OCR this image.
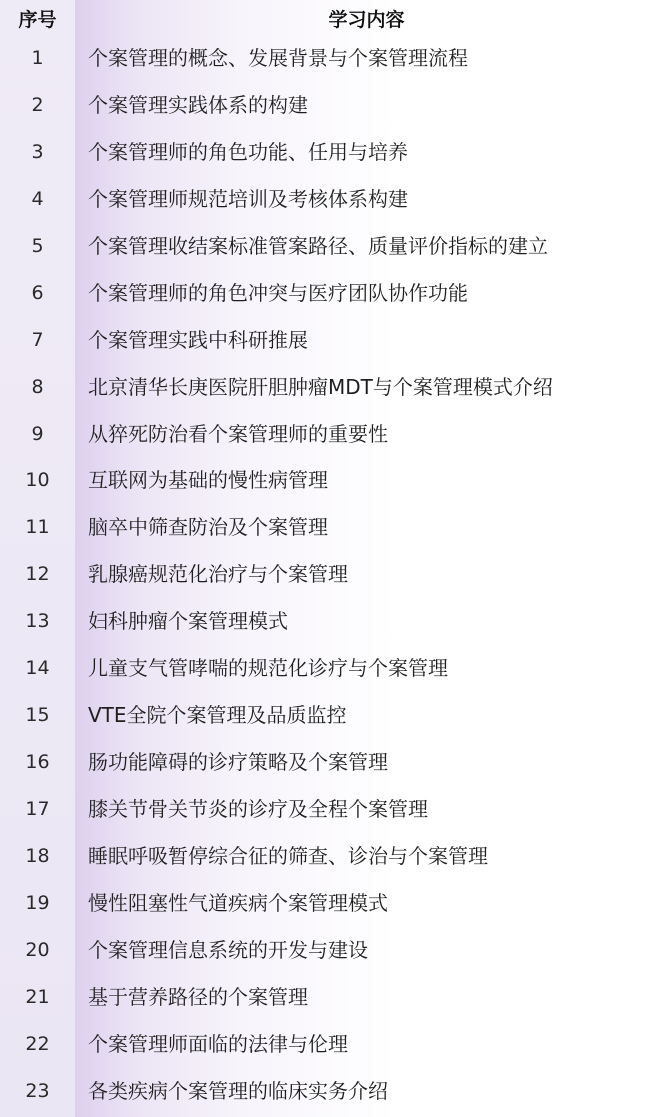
序号	学习内容
1	个案管理的概念、发展背景与个案管理流程
2	个案管理实践体系的构建
3	个案管理师的角色功能、任用与培养
4	个案管理师规范培训及考核体系构建
5	个案管理收结案标准管案路径、质量评价指标的建立
6	个案管理师的角色冲突与医疗团队协作功能
7	个案管理实践中科研推展
8	北京清华长庚医院肝胆肿瘤MDT与个案管理模式介绍
9	从猝死防治看个案管理师的重要性
10	互联网为基础的慢性病管理
11	脑卒中筛查防治及个案管理
12	乳腺癌规范化治疗与个案管理
13	妇科肿瘤个案管理模式
14	儿童支气管哮喘的规范化诊疗与个案管理
15	VTE全院个案管理及品质监控
16	肠功能障碍的诊疗策略及个案管理
17	膝关节骨关节炎的诊疗及全程个案管理
18	睡眠呼吸暂停综合征的筛查、诊治与个案管理
19	慢性阻塞性气道疾病个案管理模式
20	个案管理信息系统的开发与建设
21	基于营养路径的个案管理
22	个案管理师面临的法律与伦理
23	各类疾病个案管理的临床实务介绍
